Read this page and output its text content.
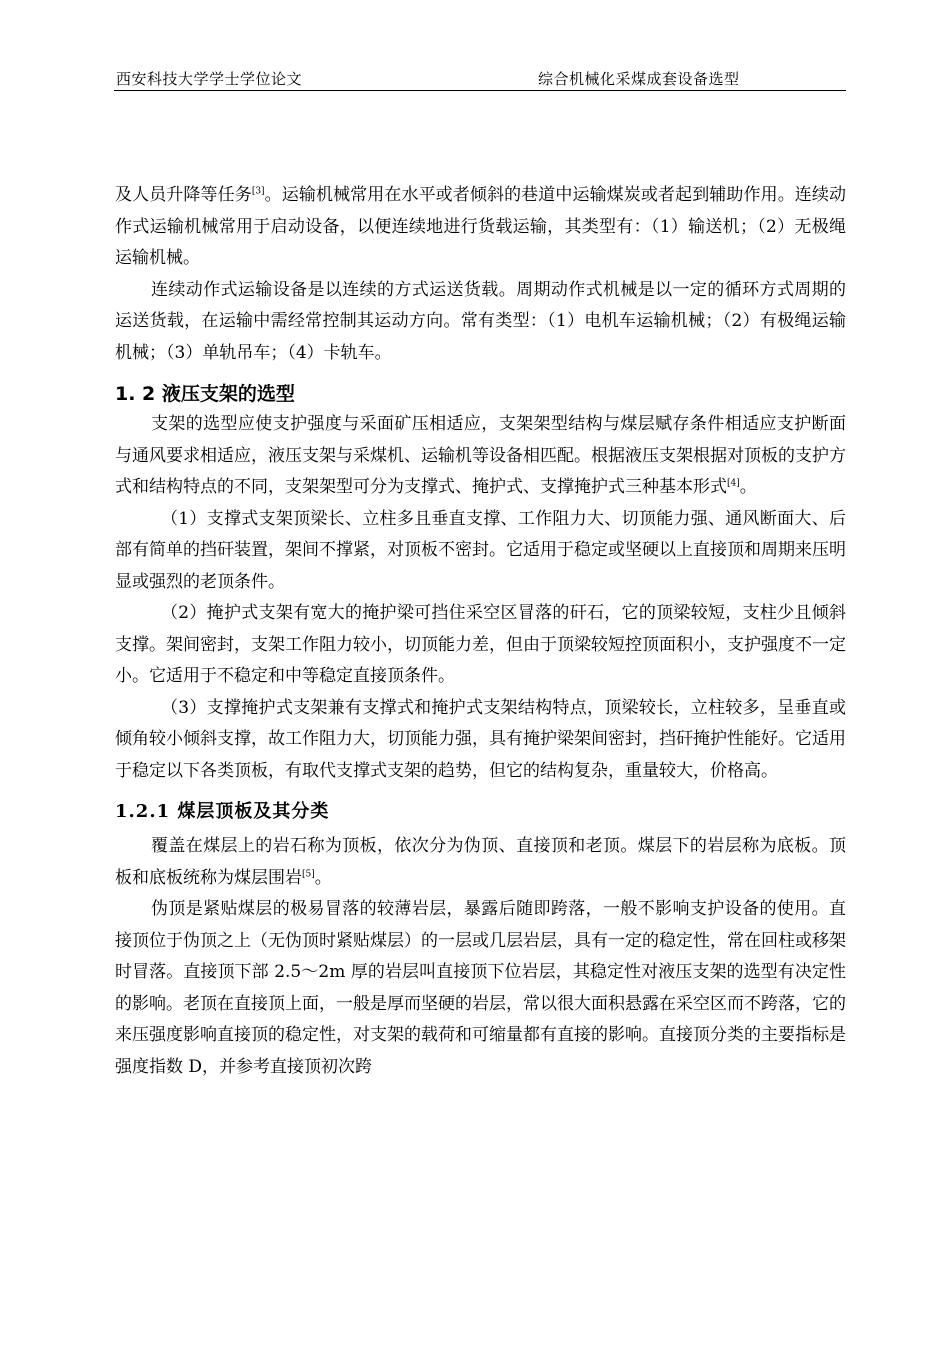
西安科技大学学士学位论文	综合机械化采煤成套设备选型

及人员升降等任务[3]。运输机械常用在水平或者倾斜的巷道中运输煤炭或者起到辅助作用。连续动作式运输机械常用于启动设备，以便连续地进行货载运输，其类型有：（1）输送机；（2）无极绳运输机械。

连续动作式运输设备是以连续的方式运送货载。周期动作式机械是以一定的循环方式周期的运送货载，在运输中需经常控制其运动方向。常有类型：（1）电机车运输机械；（2）有极绳运输机械；（3）单轨吊车；（4）卡轨车。

1. 2 液压支架的选型

支架的选型应使支护强度与采面矿压相适应，支架架型结构与煤层赋存条件相适应支护断面与通风要求相适应，液压支架与采煤机、运输机等设备相匹配。根据液压支架根据对顶板的支护方式和结构特点的不同，支架架型可分为支撑式、掩护式、支撑掩护式三种基本形式[4]。

（1）支撑式支架顶梁长、立柱多且垂直支撑、工作阻力大、切顶能力强、通风断面大、后部有简单的挡矸装置，架间不撑紧，对顶板不密封。它适用于稳定或坚硬以上直接顶和周期来压明显或强烈的老顶条件。

（2）掩护式支架有宽大的掩护梁可挡住采空区冒落的矸石，它的顶梁较短，支柱少且倾斜支撑。架间密封，支架工作阻力较小，切顶能力差，但由于顶梁较短控顶面积小，支护强度不一定小。它适用于不稳定和中等稳定直接顶条件。

（3）支撑掩护式支架兼有支撑式和掩护式支架结构特点，顶梁较长，立柱较多，呈垂直或倾角较小倾斜支撑，故工作阻力大，切顶能力强，具有掩护梁架间密封，挡矸掩护性能好。它适用于稳定以下各类顶板，有取代支撑式支架的趋势，但它的结构复杂，重量较大，价格高。

1.2.1 煤层顶板及其分类

覆盖在煤层上的岩石称为顶板，依次分为伪顶、直接顶和老顶。煤层下的岩层称为底板。顶板和底板统称为煤层围岩[5]。

伪顶是紧贴煤层的极易冒落的较薄岩层，暴露后随即跨落，一般不影响支护设备的使用。直接顶位于伪顶之上（无伪顶时紧贴煤层）的一层或几层岩层，具有一定的稳定性，常在回柱或移架时冒落。直接顶下部 2.5～2m 厚的岩层叫直接顶下位岩层，其稳定性对液压支架的选型有决定性的影响。老顶在直接顶上面，一般是厚而坚硬的岩层，常以很大面积悬露在采空区而不跨落，它的来压强度影响直接顶的稳定性，对支架的载荷和可缩量都有直接的影响。直接顶分类的主要指标是强度指数 D，并参考直接顶初次跨
